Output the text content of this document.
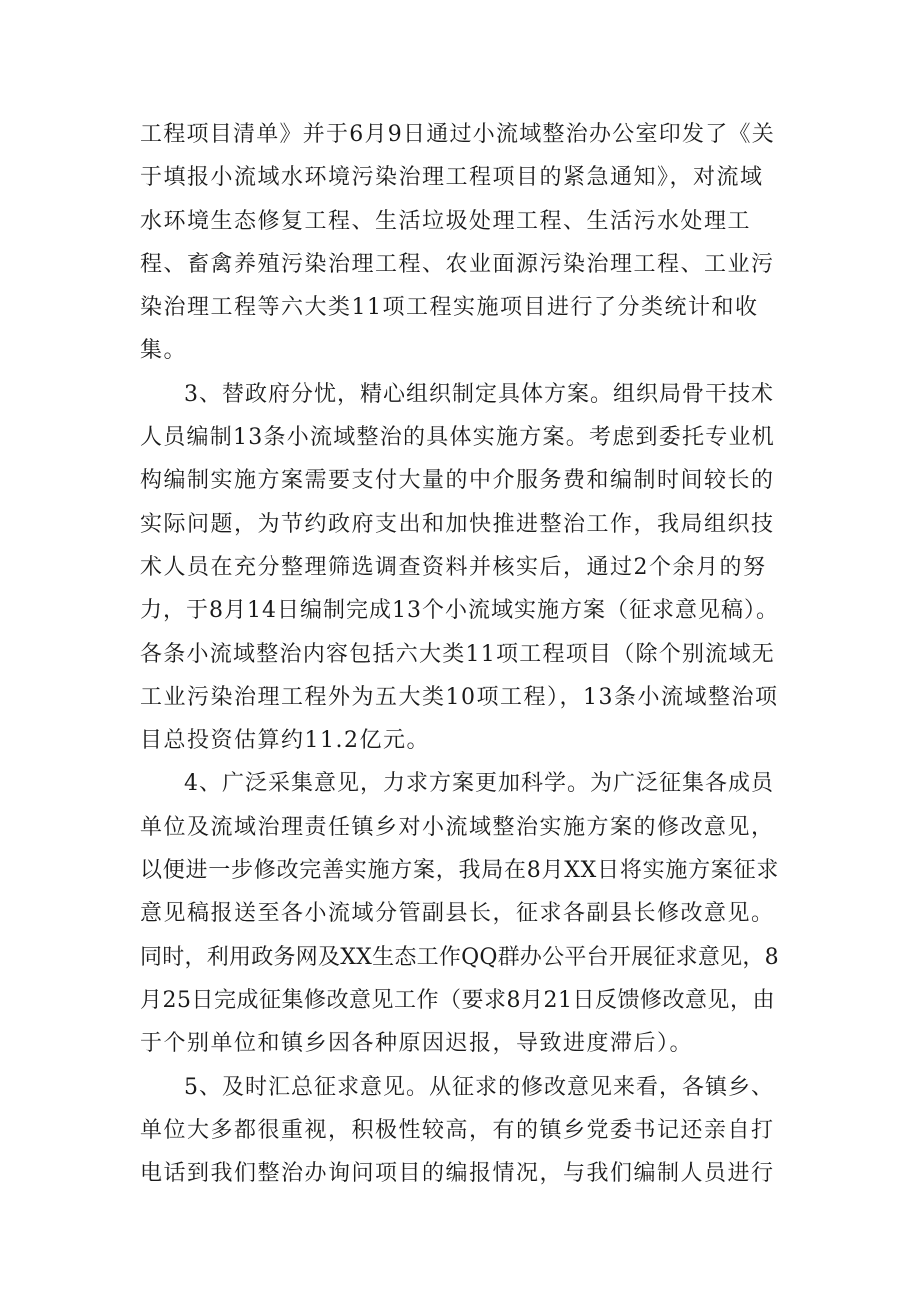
工程项目清单》并于6月9日通过小流域整治办公室印发了《关
于填报小流域水环境污染治理工程项目的紧急通知》，对流域
水环境生态修复工程、生活垃圾处理工程、生活污水处理工
程、畜禽养殖污染治理工程、农业面源污染治理工程、工业污
染治理工程等六大类11项工程实施项目进行了分类统计和收
集。
3、替政府分忧，精心组织制定具体方案。组织局骨干技术
人员编制13条小流域整治的具体实施方案。考虑到委托专业机
构编制实施方案需要支付大量的中介服务费和编制时间较长的
实际问题，为节约政府支出和加快推进整治工作，我局组织技
术人员在充分整理筛选调查资料并核实后，通过2个余月的努
力，于8月14日编制完成13个小流域实施方案（征求意见稿）。
各条小流域整治内容包括六大类11项工程项目（除个别流域无
工业污染治理工程外为五大类10项工程），13条小流域整治项
目总投资估算约11.2亿元。
4、广泛采集意见，力求方案更加科学。为广泛征集各成员
单位及流域治理责任镇乡对小流域整治实施方案的修改意见，
以便进一步修改完善实施方案，我局在8月XX日将实施方案征求
意见稿报送至各小流域分管副县长，征求各副县长修改意见。
同时，利用政务网及XX生态工作QQ群办公平台开展征求意见，8
月25日完成征集修改意见工作（要求8月21日反馈修改意见，由
于个别单位和镇乡因各种原因迟报，导致进度滞后）。
5、及时汇总征求意见。从征求的修改意见来看，各镇乡、
单位大多都很重视，积极性较高，有的镇乡党委书记还亲自打
电话到我们整治办询问项目的编报情况，与我们编制人员进行
